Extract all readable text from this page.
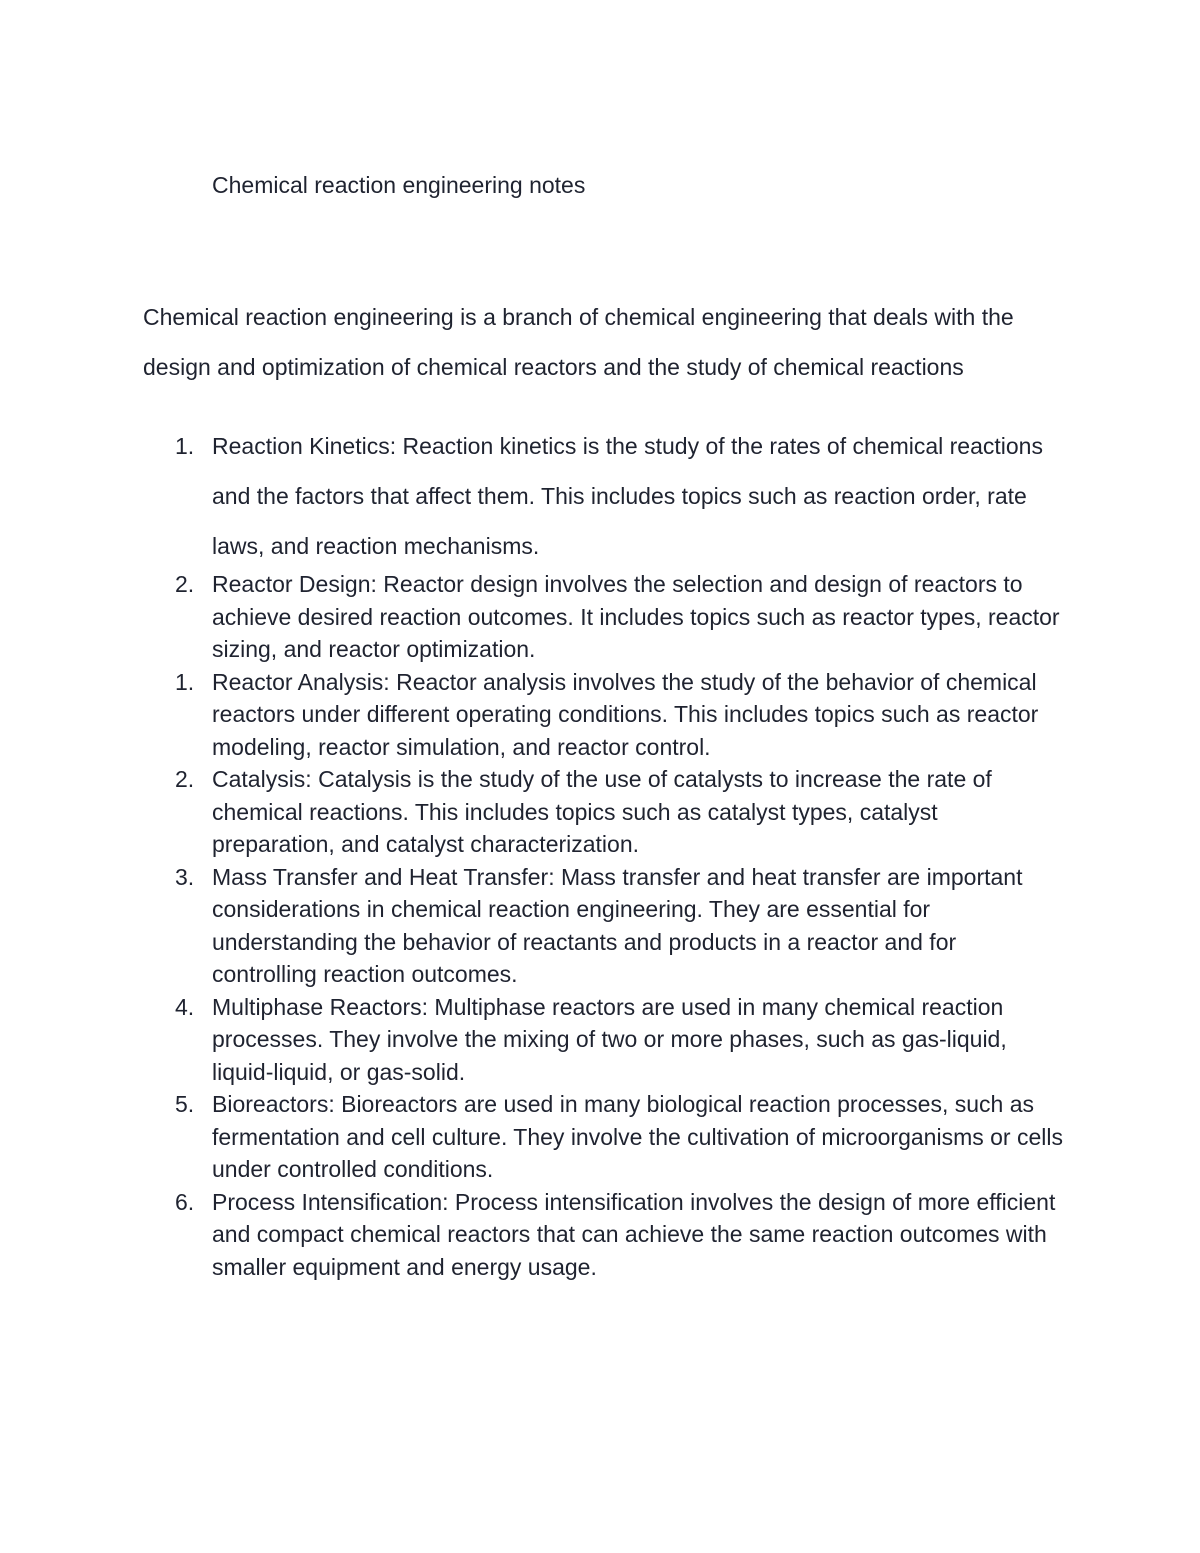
Chemical reaction engineering notes

Chemical reaction engineering is a branch of chemical engineering that deals with the design and optimization of chemical reactors and the study of chemical reactions

1. Reaction Kinetics: Reaction kinetics is the study of the rates of chemical reactions and the factors that affect them. This includes topics such as reaction order, rate laws, and reaction mechanisms.
2. Reactor Design: Reactor design involves the selection and design of reactors to achieve desired reaction outcomes. It includes topics such as reactor types, reactor sizing, and reactor optimization.
1. Reactor Analysis: Reactor analysis involves the study of the behavior of chemical reactors under different operating conditions. This includes topics such as reactor modeling, reactor simulation, and reactor control.
2. Catalysis: Catalysis is the study of the use of catalysts to increase the rate of chemical reactions. This includes topics such as catalyst types, catalyst preparation, and catalyst characterization.
3. Mass Transfer and Heat Transfer: Mass transfer and heat transfer are important considerations in chemical reaction engineering. They are essential for understanding the behavior of reactants and products in a reactor and for controlling reaction outcomes.
4. Multiphase Reactors: Multiphase reactors are used in many chemical reaction processes. They involve the mixing of two or more phases, such as gas-liquid, liquid-liquid, or gas-solid.
5. Bioreactors: Bioreactors are used in many biological reaction processes, such as fermentation and cell culture. They involve the cultivation of microorganisms or cells under controlled conditions.
6. Process Intensification: Process intensification involves the design of more efficient and compact chemical reactors that can achieve the same reaction outcomes with smaller equipment and energy usage.
